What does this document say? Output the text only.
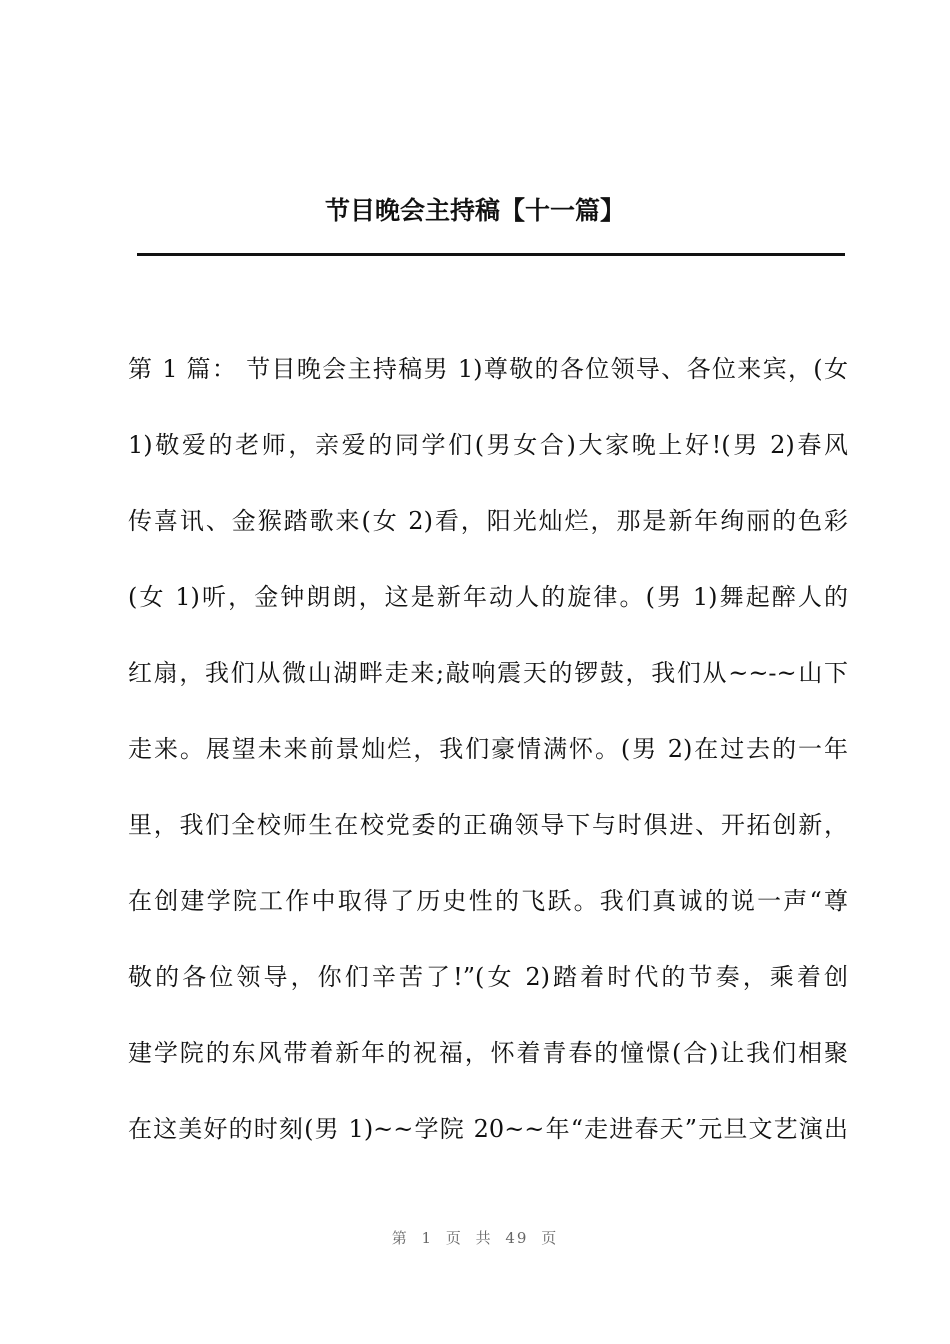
节目晚会主持稿【十一篇】
第 1 篇： 节目晚会主持稿男 1)尊敬的各位领导、各位来宾，(女
1)敬爱的老师，亲爱的同学们(男女合)大家晚上好!(男 2)春风
传喜讯、金猴踏歌来(女 2)看，阳光灿烂，那是新年绚丽的色彩
(女 1)听，金钟朗朗，这是新年动人的旋律。(男 1)舞起醉人的
红扇，我们从微山湖畔走来;敲响震天的锣鼓，我们从~~-~山下
走来。展望未来前景灿烂，我们豪情满怀。(男 2)在过去的一年
里，我们全校师生在校党委的正确领导下与时俱进、开拓创新，
在创建学院工作中取得了历史性的飞跃。我们真诚的说一声“尊
敬的各位领导，你们辛苦了!”(女 2)踏着时代的节奏，乘着创
建学院的东风带着新年的祝福，怀着青春的憧憬(合)让我们相聚
在这美好的时刻(男 1)~~学院 20~~年“走进春天”元旦文艺演出
第 1 页 共 49 页
